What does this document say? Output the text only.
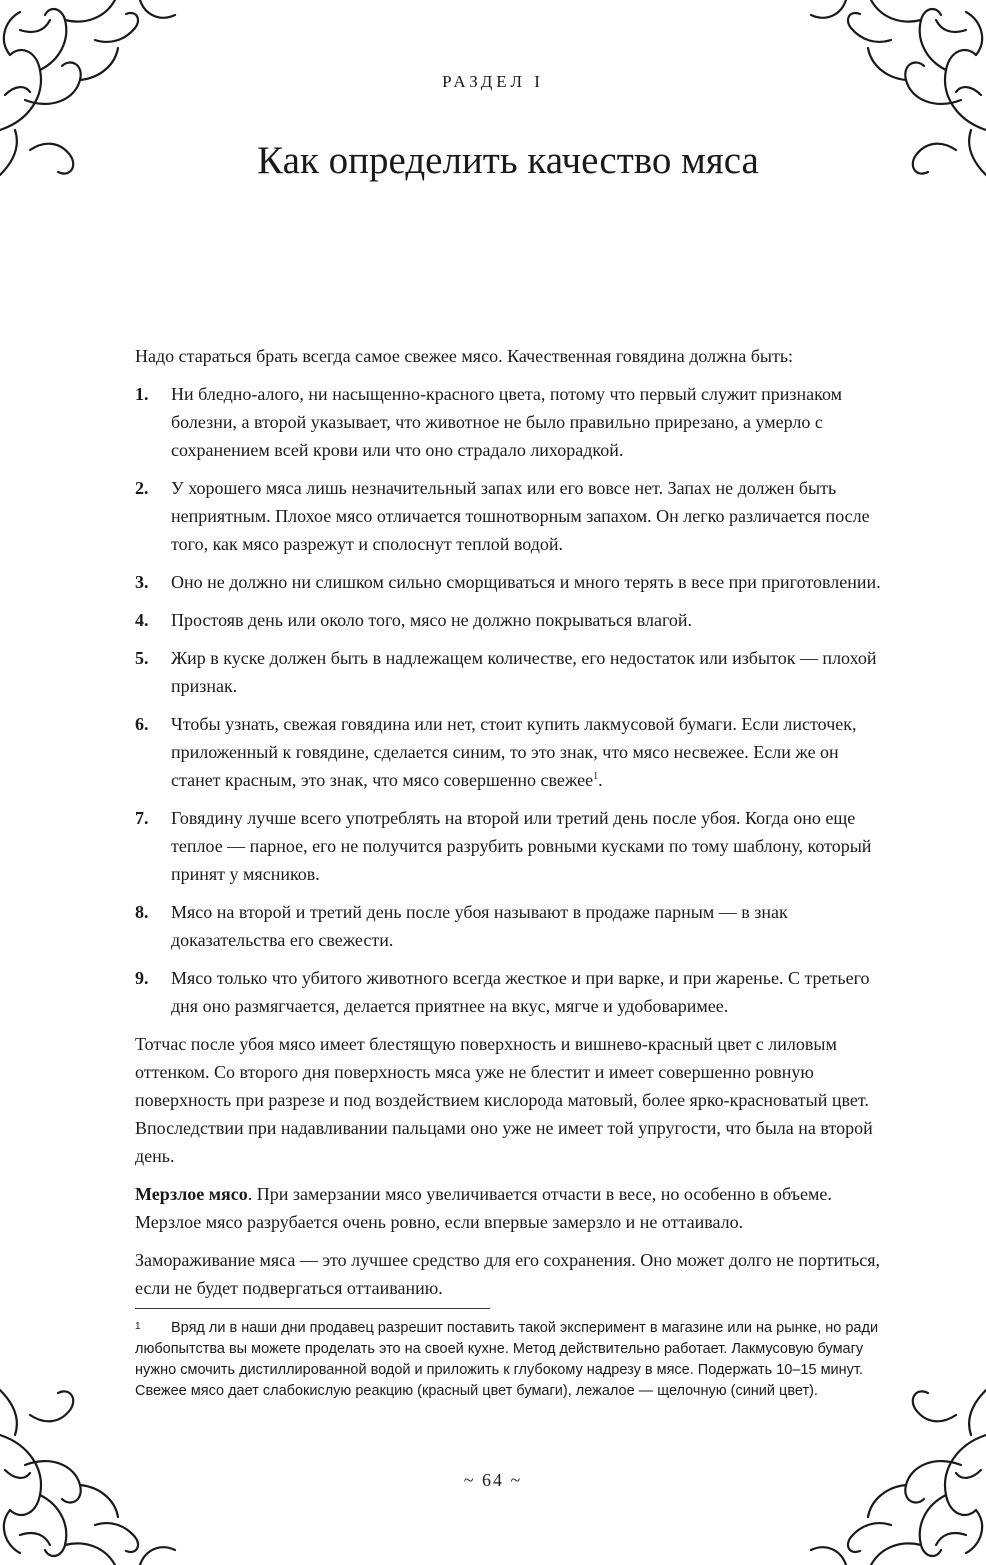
РАЗДЕЛ I
Как определить качество мяса

Надо стараться брать всегда самое свежее мясо. Качественная говядина должна быть:

1.	Ни бледно-алого, ни насыщенно-красного цвета, потому что первый служит признаком болезни, а второй указывает, что животное не было правильно прирезано, а умерло с сохранением всей крови или что оно страдало лихорадкой.
2.	У хорошего мяса лишь незначительный запах или его вовсе нет. Запах не должен быть неприятным. Плохое мясо отличается тошнотворным запахом. Он легко различается после того, как мясо разрежут и сполоснут теплой водой.
3.	Оно не должно ни слишком сильно сморщиваться и много терять в весе при приготовлении.
4.	Простояв день или около того, мясо не должно покрываться влагой.
5.	Жир в куске должен быть в надлежащем количестве, его недостаток или избыток — плохой признак.
6.	Чтобы узнать, свежая говядина или нет, стоит купить лакмусовой бумаги. Если листочек, приложенный к говядине, сделается синим, то это знак, что мясо несвежее. Если же он станет красным, это знак, что мясо совершенно свежее$^1$.
7.	Говядину лучше всего употреблять на второй или третий день после убоя. Когда оно еще теплое — парное, его не получится разрубить ровными кусками по тому шаблону, который принят у мясников.
8.	Мясо на второй и третий день после убоя называют в продаже парным — в знак доказательства его свежести.
9.	Мясо только что убитого животного всегда жесткое и при варке, и при жаренье. С третьего дня оно размягчается, делается приятнее на вкус, мягче и удобоваримее.

Тотчас после убоя мясо имеет блестящую поверхность и вишнево-красный цвет с лиловым оттенком. Со второго дня поверхность мяса уже не блестит и имеет совершенно ровную поверхность при разрезе и под воздействием кислорода матовый, более ярко-красноватый цвет. Впоследствии при надавливании пальцами оно уже не имеет той упругости, что была на второй день.

Мерзлое мясо. При замерзании мясо увеличивается отчасти в весе, но особенно в объеме. Мерзлое мясо разрубается очень ровно, если впервые замерзло и не оттаивало.

Замораживание мяса — это лучшее средство для его сохранения. Оно может долго не портиться, если не будет подвергаться оттаиванию.

1 Вряд ли в наши дни продавец разрешит поставить такой эксперимент в магазине или на рынке, но ради любопытства вы можете проделать это на своей кухне. Метод действительно работает. Лакмусовую бумагу нужно смочить дистиллированной водой и приложить к глубокому надрезу в мясе. Подержать 10–15 минут. Свежее мясо дает слабокислую реакцию (красный цвет бумаги), лежалое — щелочную (синий цвет).
~ 64 ~
